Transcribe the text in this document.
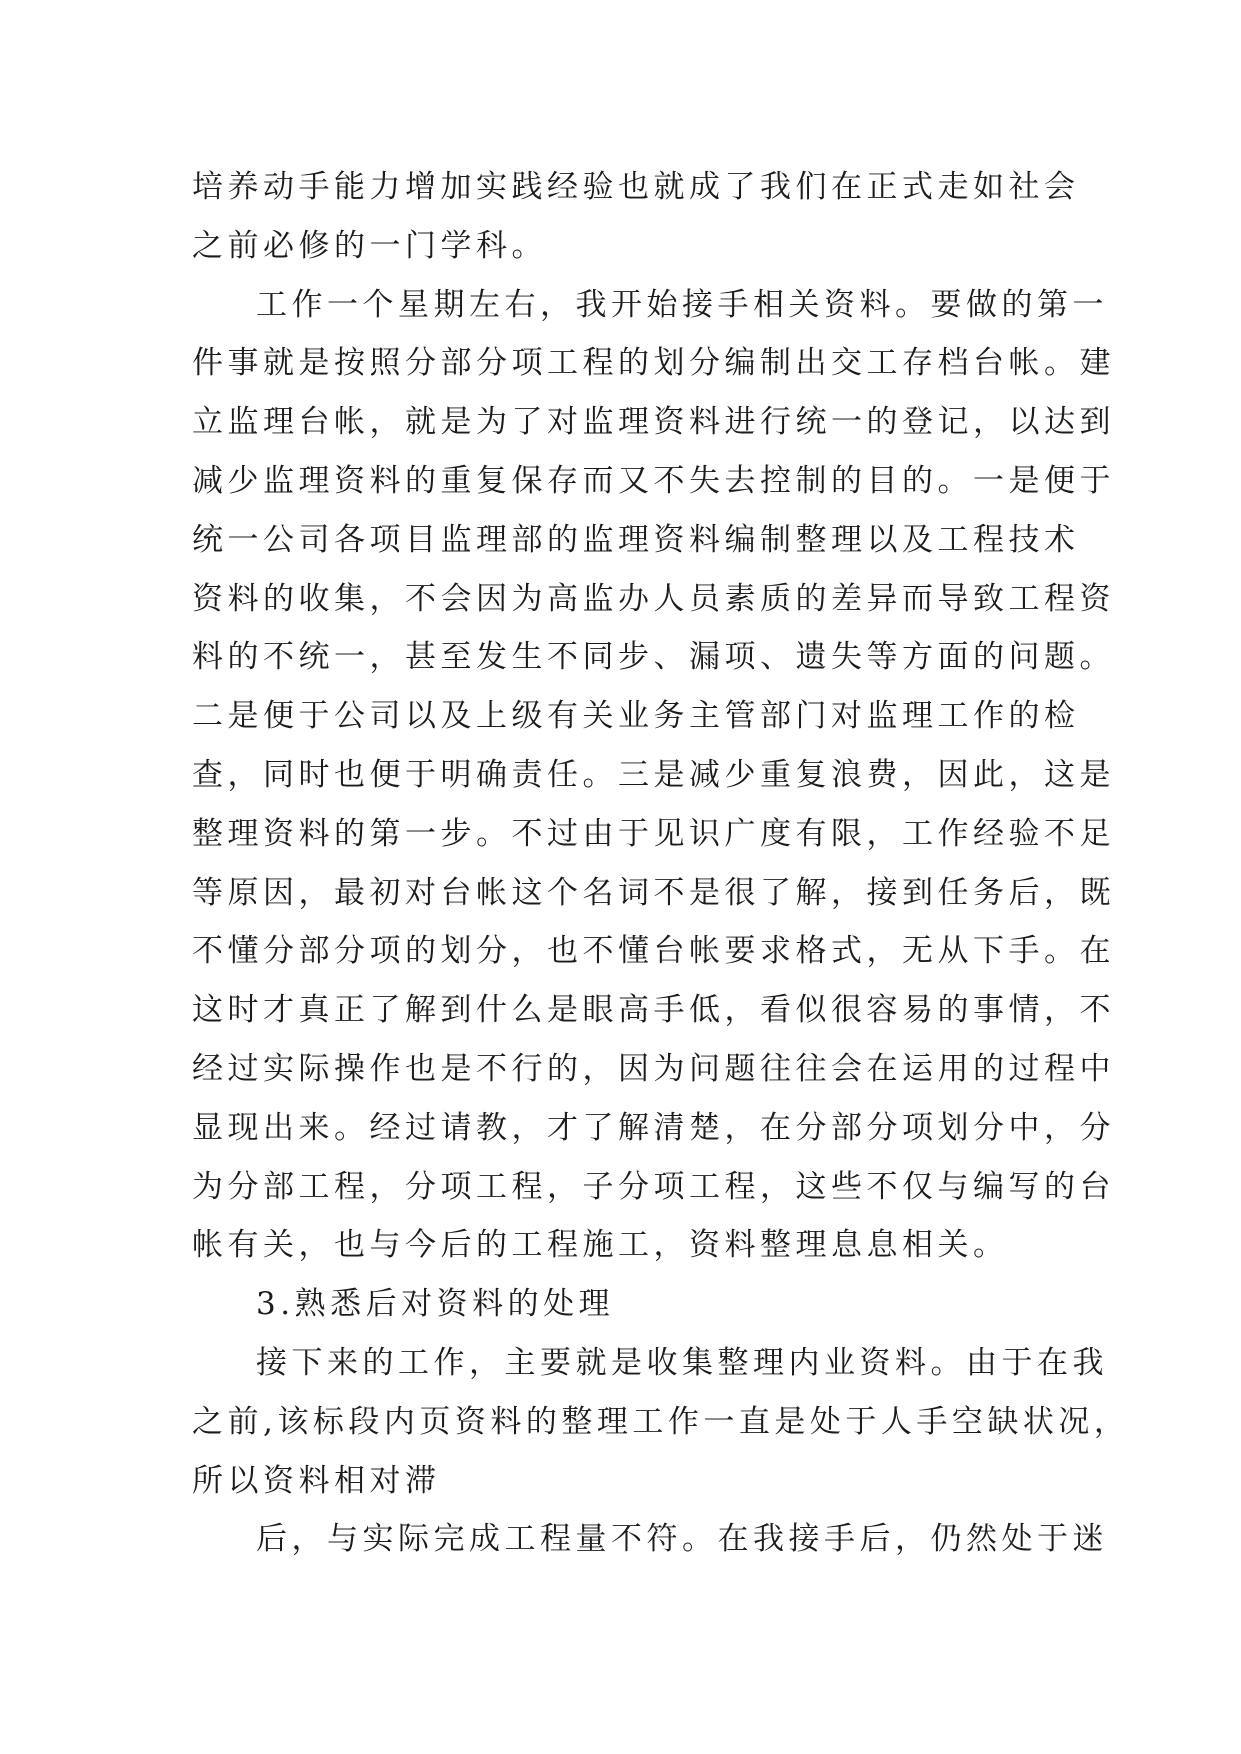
培养动手能力增加实践经验也就成了我们在正式走如社会
之前必修的一门学科。
工作一个星期左右，我开始接手相关资料。要做的第一
件事就是按照分部分项工程的划分编制出交工存档台帐。建
立监理台帐，就是为了对监理资料进行统一的登记，以达到
减少监理资料的重复保存而又不失去控制的目的。一是便于
统一公司各项目监理部的监理资料编制整理以及工程技术
资料的收集，不会因为高监办人员素质的差异而导致工程资
料的不统一，甚至发生不同步、漏项、遗失等方面的问题。
二是便于公司以及上级有关业务主管部门对监理工作的检
查，同时也便于明确责任。三是减少重复浪费，因此，这是
整理资料的第一步。不过由于见识广度有限，工作经验不足
等原因，最初对台帐这个名词不是很了解，接到任务后，既
不懂分部分项的划分，也不懂台帐要求格式，无从下手。在
这时才真正了解到什么是眼高手低，看似很容易的事情，不
经过实际操作也是不行的，因为问题往往会在运用的过程中
显现出来。经过请教，才了解清楚，在分部分项划分中，分
为分部工程，分项工程，子分项工程，这些不仅与编写的台
帐有关，也与今后的工程施工，资料整理息息相关。
3.熟悉后对资料的处理
接下来的工作，主要就是收集整理内业资料。由于在我
之前,该标段内页资料的整理工作一直是处于人手空缺状况，
所以资料相对滞
后，与实际完成工程量不符。在我接手后，仍然处于迷
